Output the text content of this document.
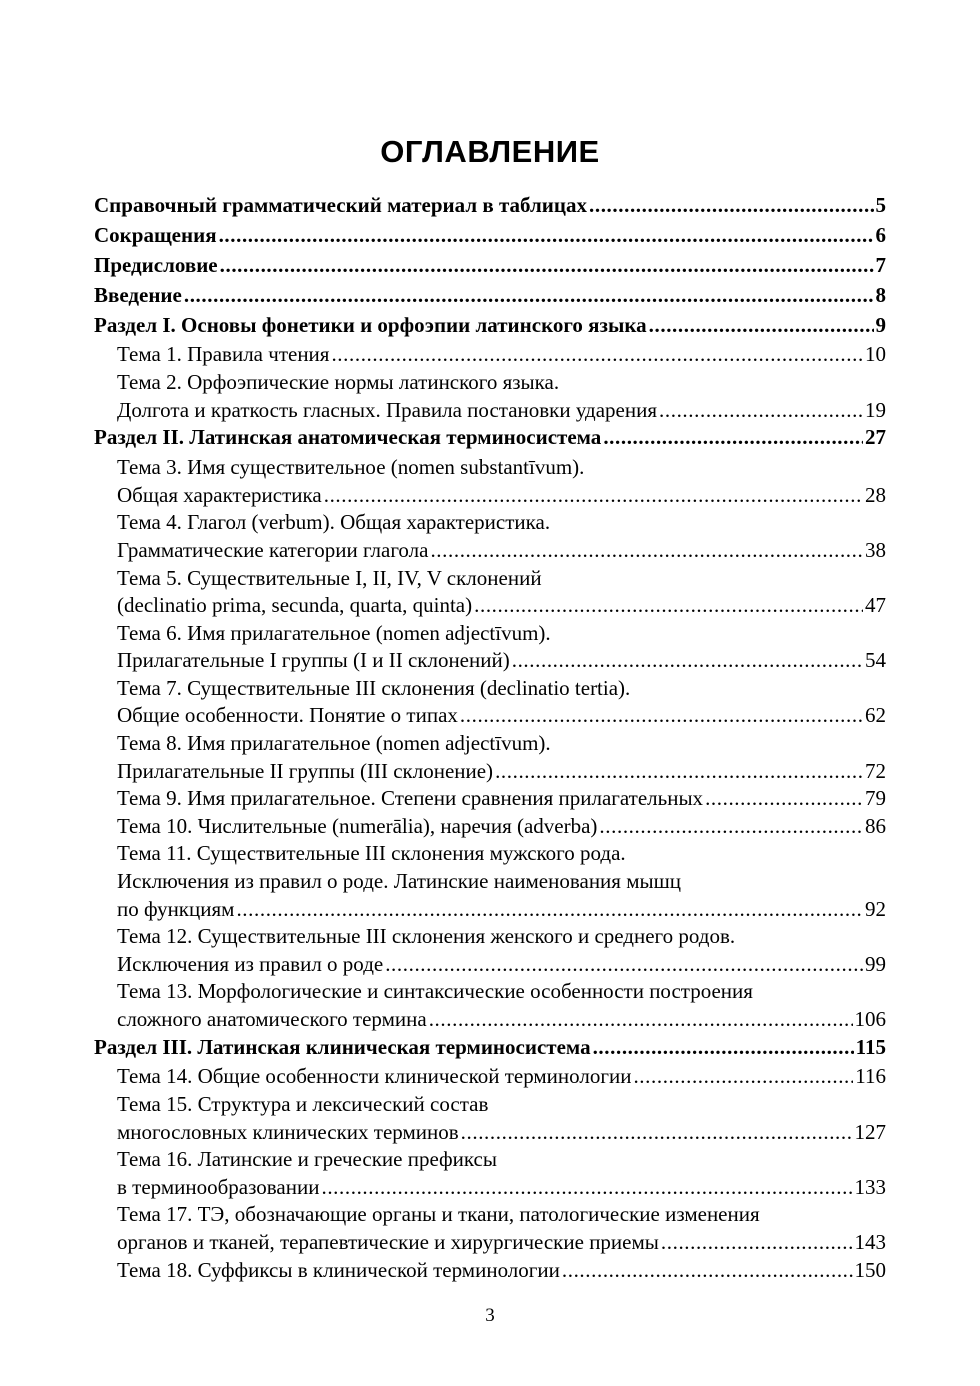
ОГЛАВЛЕНИЕ
Справочный грамматический материал в таблицах .....	5
Сокращения .....	6
Предисловие .....	7
Введение .....	8
Раздел I. Основы фонетики и орфоэпии латинского языка .....	9
Тема 1. Правила чтения .....	10
Тема 2. Орфоэпические нормы латинского языка.
Долгота и краткость гласных. Правила постановки ударения .....	19
Раздел II. Латинская анатомическая терминосистема .....	27
Тема 3. Имя существительное (nomen substantīvum).
Общая характеристика .....	28
Тема 4. Глагол (verbum). Общая характеристика.
Грамматические категории глагола .....	38
Тема 5. Существительные I, II, IV, V склонений
(declinatio prima, secunda, quarta, quinta) .....	47
Тема 6. Имя прилагательное (nomen adjectīvum).
Прилагательные I группы (I и II склонений) .....	54
Тема 7. Существительные III склонения (declinatio tertia).
Общие особенности. Понятие о типах .....	62
Тема 8. Имя прилагательное (nomen adjectīvum).
Прилагательные II группы (III склонение) .....	72
Тема 9. Имя прилагательное. Степени сравнения прилагательных .....	79
Тема 10. Числительные (numerālia), наречия (adverba) .....	86
Тема 11. Существительные III склонения мужского рода.
Исключения из правил о роде. Латинские наименования мышц
по функциям .....	92
Тема 12. Существительные III склонения женского и среднего родов.
Исключения из правил о роде .....	99
Тема 13. Морфологические и синтаксические особенности построения
сложного анатомического термина .....	106
Раздел III. Латинская клиническая терминосистема .....	115
Тема 14. Общие особенности клинической терминологии .....	116
Тема 15. Структура и лексический состав
многословных клинических терминов .....	127
Тема 16. Латинские и греческие префиксы
в терминообразовании .....	133
Тема 17. ТЭ, обозначающие органы и ткани, патологические изменения
органов и тканей, терапевтические и хирургические приемы .....	143
Тема 18. Суффиксы в клинической терминологии .....	150
3
